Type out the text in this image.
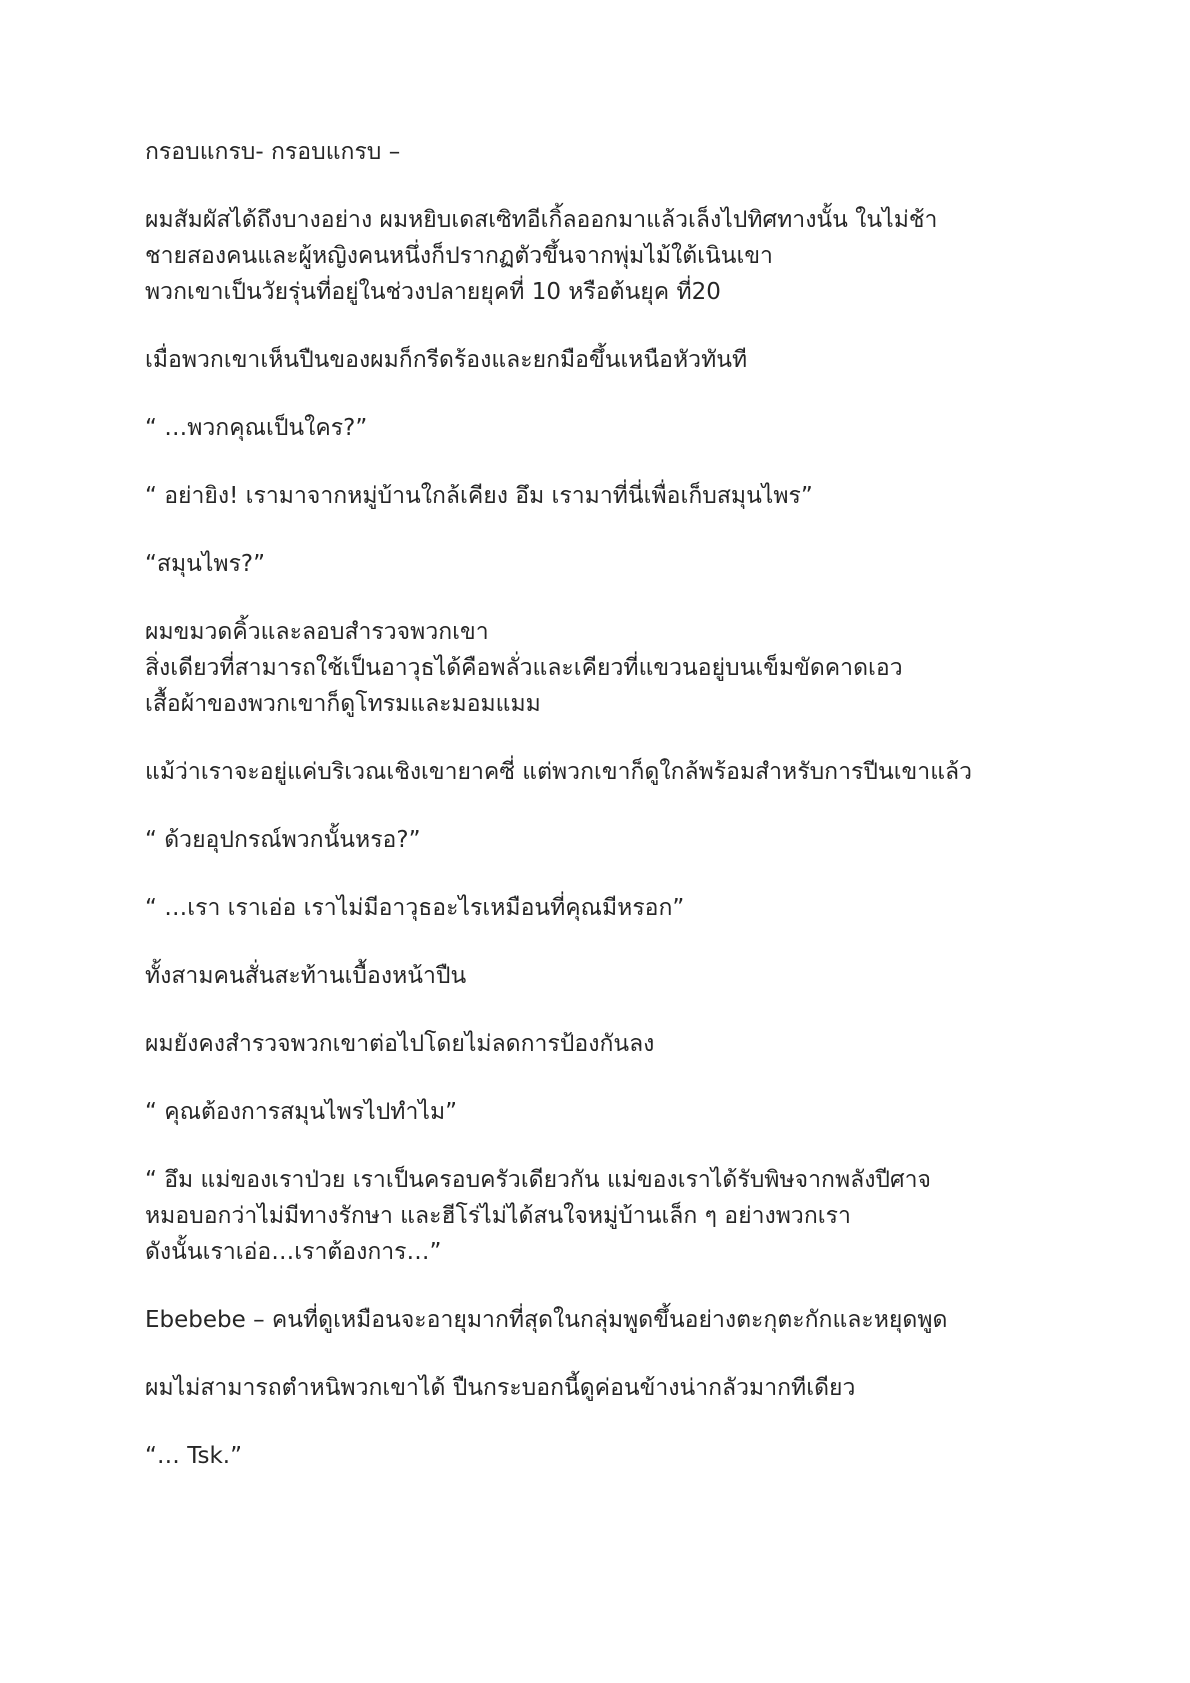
กรอบแกรบ- กรอบแกรบ –

ผมสัมผัสได้ถึงบางอย่าง ผมหยิบเดสเซิทอีเกิ้ลออกมาแล้วเล็งไปทิศทางนั้น ในไม่ช้า
ชายสองคนและผู้หญิงคนหนึ่งก็ปรากฏตัวขึ้นจากพุ่มไม้ใต้เนินเขา
พวกเขาเป็นวัยรุ่นที่อยู่ในช่วงปลายยุคที่ 10 หรือต้นยุค ที่20

เมื่อพวกเขาเห็นปืนของผมก็กรีดร้องและยกมือขึ้นเหนือหัวทันที

“ …พวกคุณเป็นใคร?”

“ อย่ายิง! เรามาจากหมู่บ้านใกล้เคียง อึม เรามาที่นี่เพื่อเก็บสมุนไพร”

“สมุนไพร?”

ผมขมวดคิ้วและลอบสำรวจพวกเขา
สิ่งเดียวที่สามารถใช้เป็นอาวุธได้คือพลั่วและเคียวที่แขวนอยู่บนเข็มขัดคาดเอว
เสื้อผ้าของพวกเขาก็ดูโทรมและมอมแมม

แม้ว่าเราจะอยู่แค่บริเวณเชิงเขายาคซี่ แต่พวกเขาก็ดูใกล้พร้อมสำหรับการปีนเขาแล้ว

“ ด้วยอุปกรณ์พวกนั้นหรอ?”

“ …เรา เราเอ่อ เราไม่มีอาวุธอะไรเหมือนที่คุณมีหรอก”

ทั้งสามคนสั่นสะท้านเบื้องหน้าปืน

ผมยังคงสำรวจพวกเขาต่อไปโดยไม่ลดการป้องกันลง

“ คุณต้องการสมุนไพรไปทำไม”

“ อึม แม่ของเราป่วย เราเป็นครอบครัวเดียวกัน แม่ของเราได้รับพิษจากพลังปีศาจ
หมอบอกว่าไม่มีทางรักษา และฮีโร่ไม่ได้สนใจหมู่บ้านเล็ก ๆ อย่างพวกเรา
ดังนั้นเราเอ่อ…เราต้องการ…”

Ebebebe – คนที่ดูเหมือนจะอายุมากที่สุดในกลุ่มพูดขึ้นอย่างตะกุตะกักและหยุดพูด

ผมไม่สามารถตำหนิพวกเขาได้ ปืนกระบอกนี้ดูค่อนข้างน่ากลัวมากทีเดียว

“… Tsk.”
